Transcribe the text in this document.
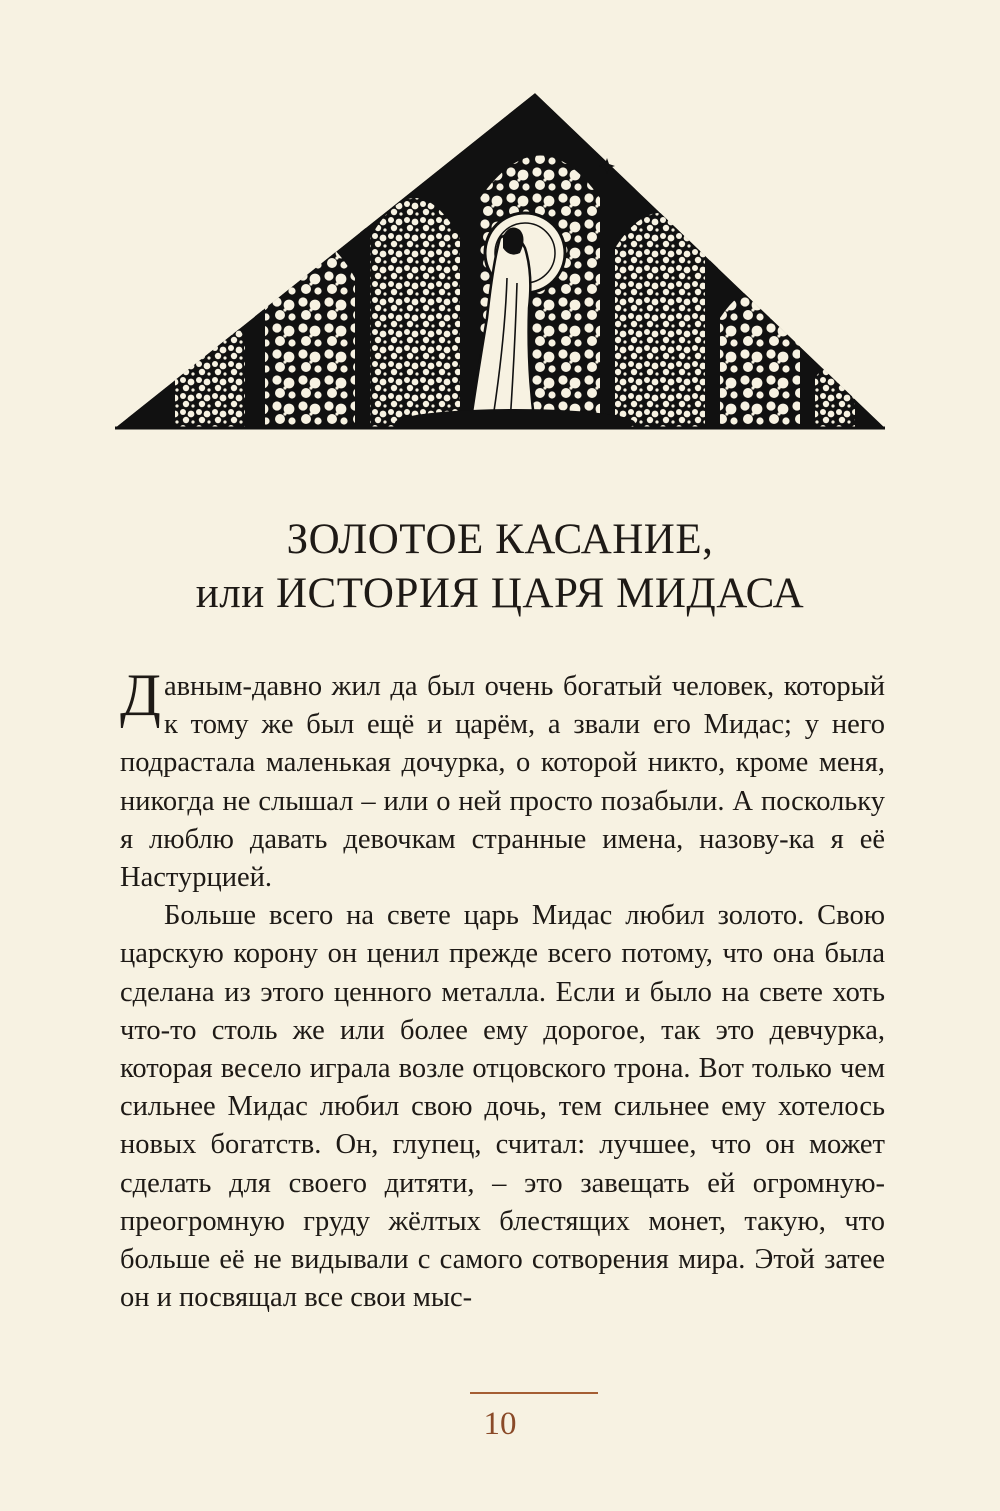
ЗОЛОТОЕ КАСАНИЕ,
или ИСТОРИЯ ЦАРЯ МИДАСА

Давным-давно жил да был очень богатый человек, который к тому же был ещё и царём, а звали его Мидас; у него подрастала маленькая дочурка, о которой никто, кроме меня, никогда не слышал – или о ней просто позабыли. А поскольку я люблю давать девочкам странные имена, назову-ка я её Настурцией.

Больше всего на свете царь Мидас любил золото. Свою царскую корону он ценил прежде всего потому, что она была сделана из этого ценного металла. Если и было на свете хоть что-то столь же или более ему дорогое, так это девчурка, которая весело играла возле отцовского трона. Вот только чем сильнее Мидас любил свою дочь, тем сильнее ему хотелось новых богатств. Он, глупец, считал: лучшее, что он может сделать для своего дитяти, – это завещать ей огромную-преогромную груду жёлтых блестящих монет, такую, что больше её не видывали с самого сотворения мира. Этой затее он и посвящал все свои мыс-

10
